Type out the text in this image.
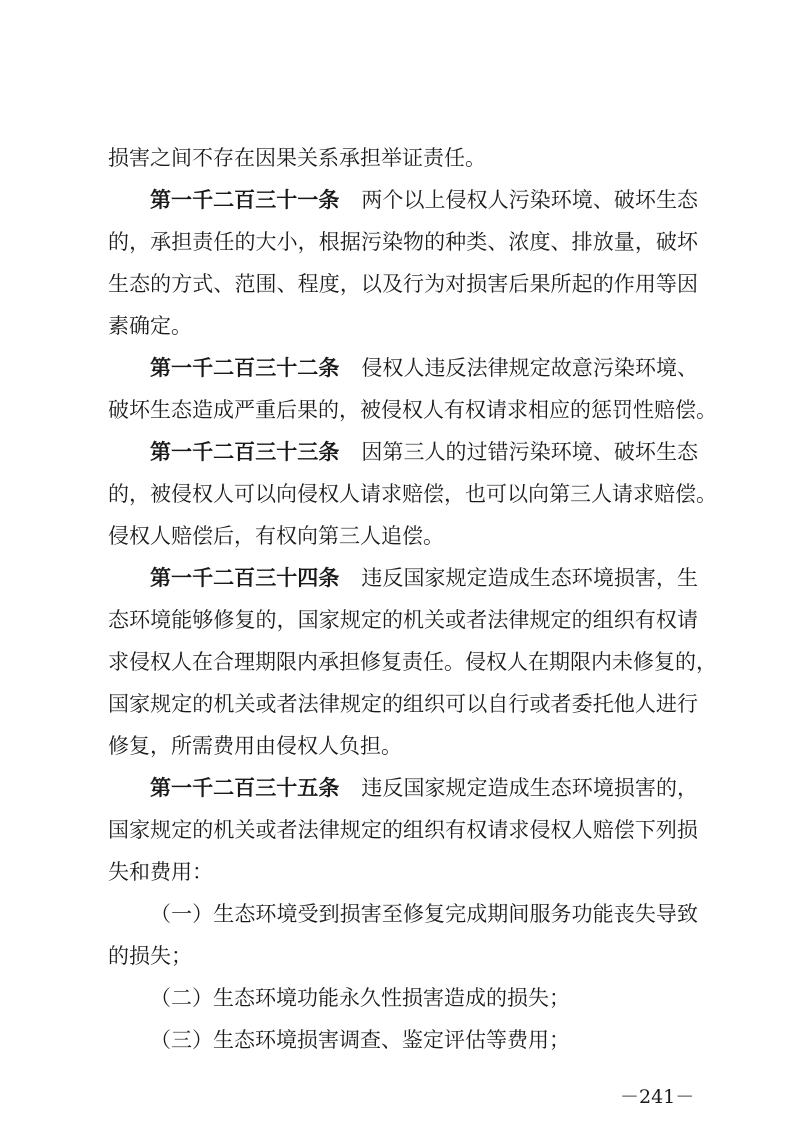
损害之间不存在因果关系承担举证责任。
第一千二百三十一条 两个以上侵权人污染环境、破坏生态
的，承担责任的大小，根据污染物的种类、浓度、排放量，破坏
生态的方式、范围、程度，以及行为对损害后果所起的作用等因
素确定。
第一千二百三十二条 侵权人违反法律规定故意污染环境、
破坏生态造成严重后果的，被侵权人有权请求相应的惩罚性赔偿。
第一千二百三十三条 因第三人的过错污染环境、破坏生态
的，被侵权人可以向侵权人请求赔偿，也可以向第三人请求赔偿。
侵权人赔偿后，有权向第三人追偿。
第一千二百三十四条 违反国家规定造成生态环境损害，生
态环境能够修复的，国家规定的机关或者法律规定的组织有权请
求侵权人在合理期限内承担修复责任。侵权人在期限内未修复的，
国家规定的机关或者法律规定的组织可以自行或者委托他人进行
修复，所需费用由侵权人负担。
第一千二百三十五条 违反国家规定造成生态环境损害的，
国家规定的机关或者法律规定的组织有权请求侵权人赔偿下列损
失和费用：
（一）生态环境受到损害至修复完成期间服务功能丧失导致
的损失；
（二）生态环境功能永久性损害造成的损失；
（三）生态环境损害调查、鉴定评估等费用；
－241－
